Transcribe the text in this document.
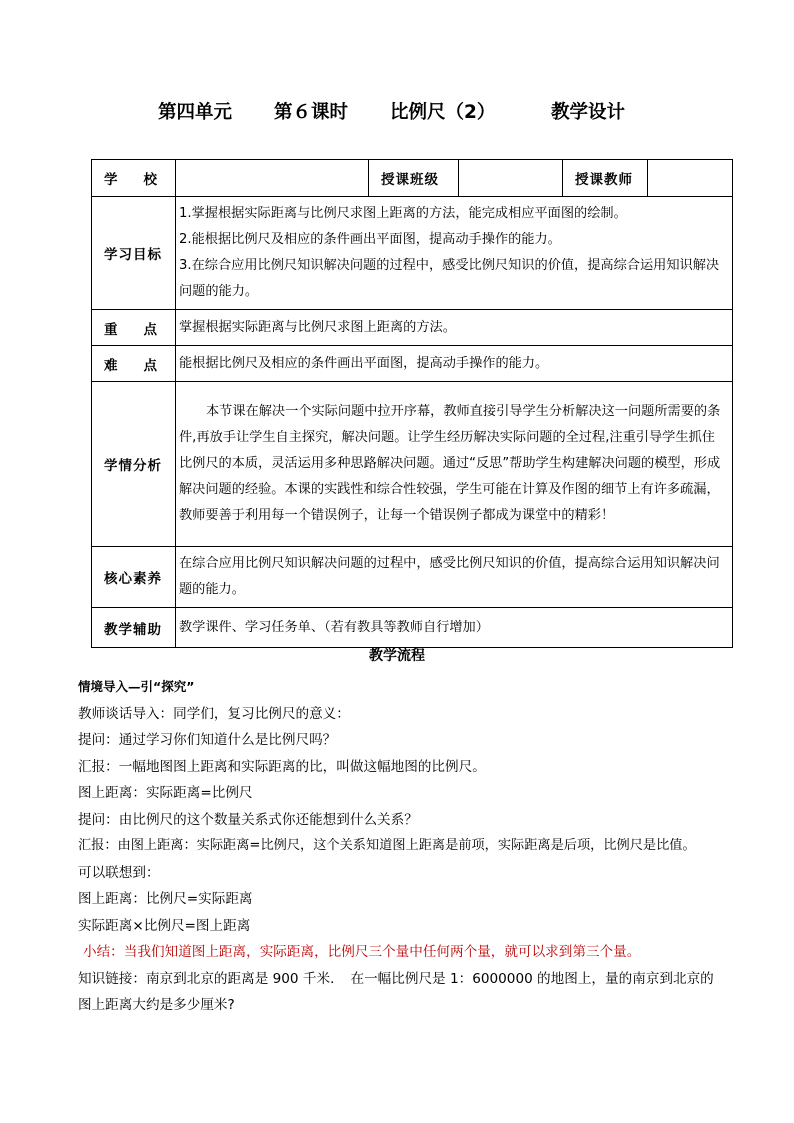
第四单元 第６课时 比例尺（2）	教学设计
学　校		授课班级		授课教师	
学习目标	1.掌握根据实际距离与比例尺求图上距离的方法，能完成相应平面图的绘制。

2.能根据比例尺及相应的条件画出平面图，提高动手操作的能力。

3.在综合应用比例尺知识解决问题的过程中，感受比例尺知识的价值，提高综合运用知识解决问题的能力。				

重　点	掌握根据实际距离与比例尺求图上距离的方法。				
难　点	能根据比例尺及相应的条件画出平面图，提高动手操作的能力。				
学情分析	本节课在解决一个实际问题中拉开序幕，教师直接引导学生分析解决这一问题所需要的条件,再放手让学生自主探究，解决问题。让学生经历解决实际问题的全过程,注重引导学生抓住比例尺的本质，灵活运用多种思路解决问题。通过“反思”帮助学生构建解决问题的模型，形成解决问题的经验。本课的实践性和综合性较强，学生可能在计算及作图的细节上有许多疏漏，教师要善于利用每一个错误例子，让每一个错误例子都成为课堂中的精彩！				
核心素养	在综合应用比例尺知识解决问题的过程中，感受比例尺知识的价值，提高综合运用知识解决问题的能力。				
教学辅助	教学课件、学习任务单、（若有教具等教师自行增加）				
教学流程

情境导入—引“探究”

教师谈话导入：同学们，复习比例尺的意义：

提问：通过学习你们知道什么是比例尺吗？

汇报：一幅地图图上距离和实际距离的比，叫做这幅地图的比例尺。

图上距离：实际距离=比例尺

提问：由比例尺的这个数量关系式你还能想到什么关系？

汇报：由图上距离：实际距离=比例尺，这个关系知道图上距离是前项，实际距离是后项，比例尺是比值。

可以联想到：

图上距离：比例尺=实际距离

实际距离×比例尺=图上距离

小结：当我们知道图上距离，实际距离，比例尺三个量中任何两个量，就可以求到第三个量。

知识链接：南京到北京的距离是 900 千米．　在一幅比例尺是 1：6000000 的地图上，量的南京到北京的

图上距离大约是多少厘米?
